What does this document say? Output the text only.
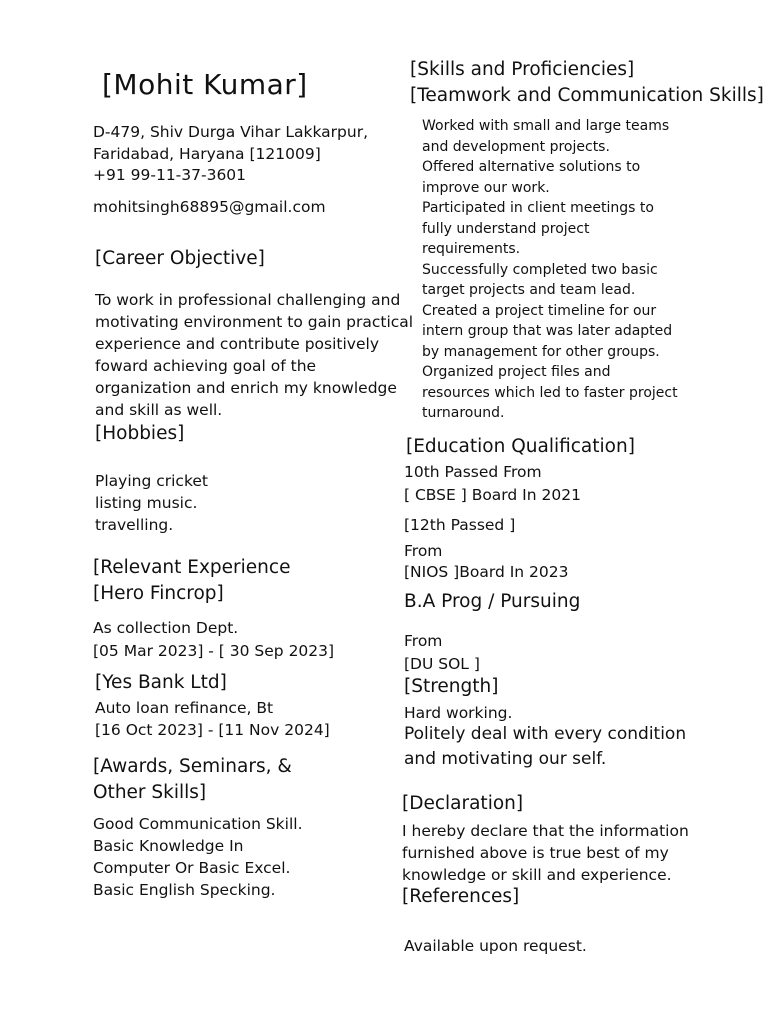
[Mohit Kumar]
D-479, Shiv Durga Vihar Lakkarpur,
Faridabad, Haryana [121009]
+91 99-11-37-3601
mohitsingh68895@gmail.com
[Career Objective]
To work in professional challenging and
motivating environment to gain practical
experience and contribute positively
foward achieving goal of the
organization and enrich my knowledge
and skill as well.
[Hobbies]
Playing cricket
listing music.
travelling.
[Relevant Experience
[Hero Fincrop]
As collection Dept.
[05 Mar 2023] - [ 30 Sep 2023]
[Yes Bank Ltd]
Auto loan refinance, Bt
[16 Oct 2023] - [11 Nov 2024]
[Awards, Seminars, &
Other Skills]
Good Communication Skill.
Basic Knowledge In
Computer Or Basic Excel.
Basic English Specking.
[Skills and Proficiencies]
[Teamwork and Communication Skills]
Worked with small and large teams
and development projects.
Offered alternative solutions to
improve our work.
Participated in client meetings to
fully understand project
requirements.
Successfully completed two basic
target projects and team lead.
Created a project timeline for our
intern group that was later adapted
by management for other groups.
Organized project files and
resources which led to faster project
turnaround.
[Education Qualification]
10th Passed From
[ CBSE ] Board In 2021
[12th Passed ]
From
[NIOS ]Board In 2023
B.A Prog / Pursuing
From
[DU SOL ]
[Strength]
Hard working.
Politely deal with every condition
and motivating our self.
[Declaration]
I hereby declare that the information
furnished above is true best of my
knowledge or skill and experience.
[References]
Available upon request.
